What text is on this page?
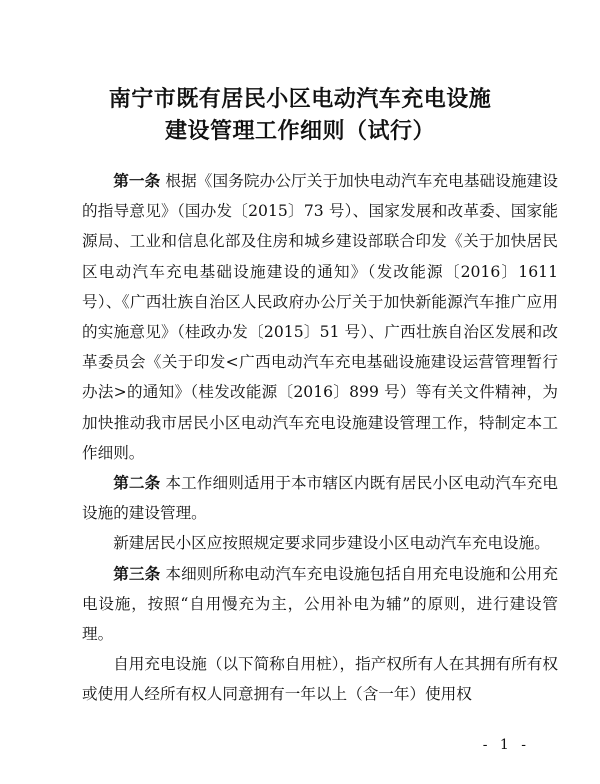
南宁市既有居民小区电动汽车充电设施
建设管理工作细则（试行）

第一条 根据《国务院办公厅关于加快电动汽车充电基础设施建设的指导意见》（国办发〔2015〕73 号）、国家发展和改革委、国家能源局、工业和信息化部及住房和城乡建设部联合印发《关于加快居民区电动汽车充电基础设施建设的通知》（发改能源〔2016〕1611 号）、《广西壮族自治区人民政府办公厅关于加快新能源汽车推广应用的实施意见》（桂政办发〔2015〕51 号）、广西壮族自治区发展和改革委员会《关于印发<广西电动汽车充电基础设施建设运营管理暂行办法>的通知》（桂发改能源〔2016〕899 号）等有关文件精神，为加快推动我市居民小区电动汽车充电设施建设管理工作，特制定本工作细则。

第二条 本工作细则适用于本市辖区内既有居民小区电动汽车充电设施的建设管理。

新建居民小区应按照规定要求同步建设小区电动汽车充电设施。

第三条 本细则所称电动汽车充电设施包括自用充电设施和公用充电设施，按照“自用慢充为主，公用补电为辅”的原则，进行建设管理。

自用充电设施（以下简称自用桩），指产权所有人在其拥有所有权或使用人经所有权人同意拥有一年以上（含一年）使用权

- 1 -
